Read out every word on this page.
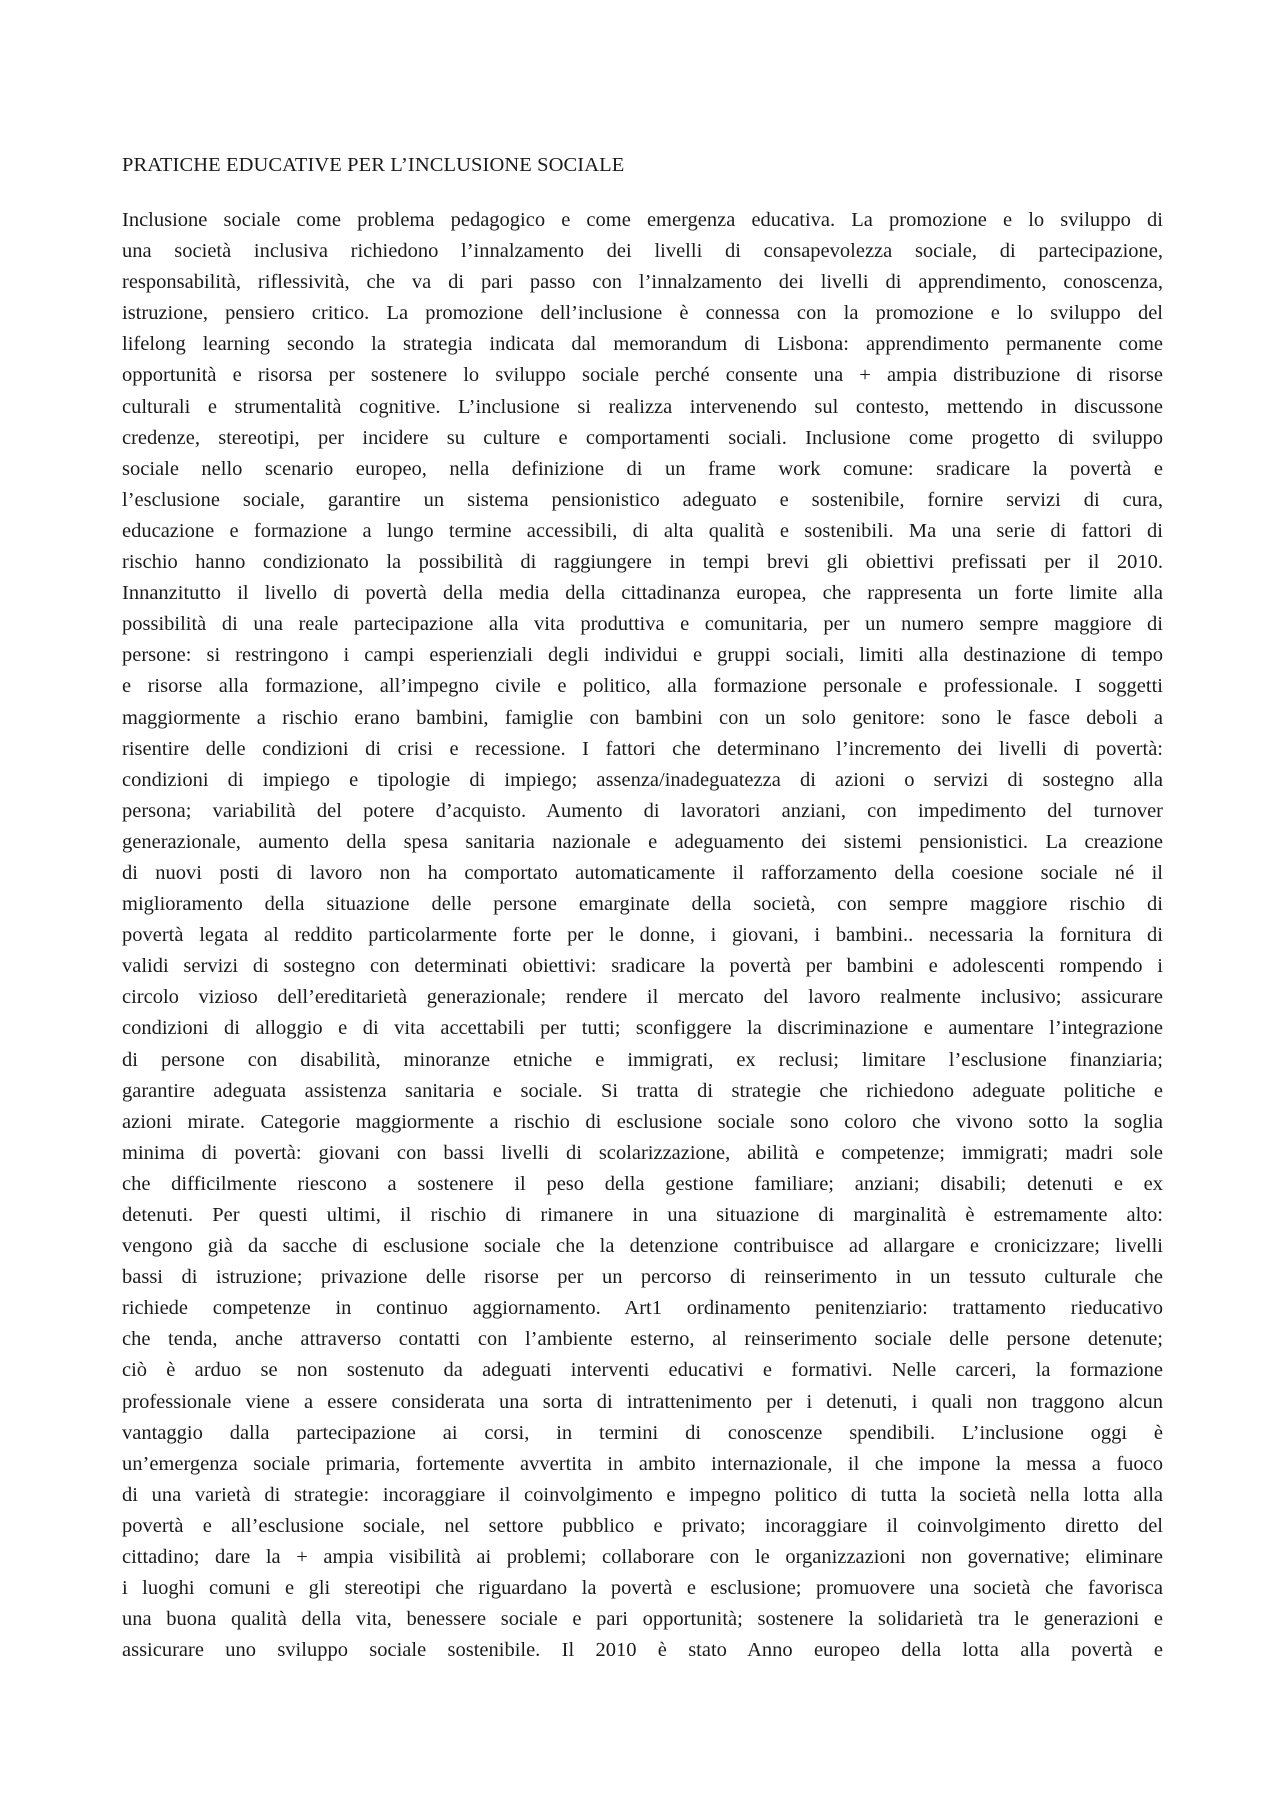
PRATICHE EDUCATIVE PER L’INCLUSIONE SOCIALE
Inclusione sociale come problema pedagogico e come emergenza educativa. La promozione e lo sviluppo di
una società inclusiva richiedono l’innalzamento dei livelli di consapevolezza sociale, di partecipazione,
responsabilità, riflessività, che va di pari passo con l’innalzamento dei livelli di apprendimento, conoscenza,
istruzione, pensiero critico. La promozione dell’inclusione è connessa con la promozione e lo sviluppo del
lifelong learning secondo la strategia indicata dal memorandum di Lisbona: apprendimento permanente come
opportunità e risorsa per sostenere lo sviluppo sociale perché consente una + ampia distribuzione di risorse
culturali e strumentalità cognitive. L’inclusione si realizza intervenendo sul contesto, mettendo in discussone
credenze, stereotipi, per incidere su culture e comportamenti sociali. Inclusione come progetto di sviluppo
sociale nello scenario europeo, nella definizione di un frame work comune: sradicare la povertà e
l’esclusione sociale, garantire un sistema pensionistico adeguato e sostenibile, fornire servizi di cura,
educazione e formazione a lungo termine accessibili, di alta qualità e sostenibili. Ma una serie di fattori di
rischio hanno condizionato la possibilità di raggiungere in tempi brevi gli obiettivi prefissati per il 2010.
Innanzitutto il livello di povertà della media della cittadinanza europea, che rappresenta un forte limite alla
possibilità di una reale partecipazione alla vita produttiva e comunitaria, per un numero sempre maggiore di
persone: si restringono i campi esperienziali degli individui e gruppi sociali, limiti alla destinazione di tempo
e risorse alla formazione, all’impegno civile e politico, alla formazione personale e professionale. I soggetti
maggiormente a rischio erano bambini, famiglie con bambini con un solo genitore: sono le fasce deboli a
risentire delle condizioni di crisi e recessione. I fattori che determinano l’incremento dei livelli di povertà:
condizioni di impiego e tipologie di impiego; assenza/inadeguatezza di azioni o servizi di sostegno alla
persona; variabilità del potere d’acquisto. Aumento di lavoratori anziani, con impedimento del turnover
generazionale, aumento della spesa sanitaria nazionale e adeguamento dei sistemi pensionistici. La creazione
di nuovi posti di lavoro non ha comportato automaticamente il rafforzamento della coesione sociale né il
miglioramento della situazione delle persone emarginate della società, con sempre maggiore rischio di
povertà legata al reddito particolarmente forte per le donne, i giovani, i bambini.. necessaria la fornitura di
validi servizi di sostegno con determinati obiettivi: sradicare la povertà per bambini e adolescenti rompendo i
circolo vizioso dell’ereditarietà generazionale; rendere il mercato del lavoro realmente inclusivo; assicurare
condizioni di alloggio e di vita accettabili per tutti; sconfiggere la discriminazione e aumentare l’integrazione
di persone con disabilità, minoranze etniche e immigrati, ex reclusi; limitare l’esclusione finanziaria;
garantire adeguata assistenza sanitaria e sociale. Si tratta di strategie che richiedono adeguate politiche e
azioni mirate. Categorie maggiormente a rischio di esclusione sociale sono coloro che vivono sotto la soglia
minima di povertà: giovani con bassi livelli di scolarizzazione, abilità e competenze; immigrati; madri sole
che difficilmente riescono a sostenere il peso della gestione familiare; anziani; disabili; detenuti e ex
detenuti. Per questi ultimi, il rischio di rimanere in una situazione di marginalità è estremamente alto:
vengono già da sacche di esclusione sociale che la detenzione contribuisce ad allargare e cronicizzare; livelli
bassi di istruzione; privazione delle risorse per un percorso di reinserimento in un tessuto culturale che
richiede competenze in continuo aggiornamento. Art1 ordinamento penitenziario: trattamento rieducativo
che tenda, anche attraverso contatti con l’ambiente esterno, al reinserimento sociale delle persone detenute;
ciò è arduo se non sostenuto da adeguati interventi educativi e formativi. Nelle carceri, la formazione
professionale viene a essere considerata una sorta di intrattenimento per i detenuti, i quali non traggono alcun
vantaggio dalla partecipazione ai corsi, in termini di conoscenze spendibili. L’inclusione oggi è
un’emergenza sociale primaria, fortemente avvertita in ambito internazionale, il che impone la messa a fuoco
di una varietà di strategie: incoraggiare il coinvolgimento e impegno politico di tutta la società nella lotta alla
povertà e all’esclusione sociale, nel settore pubblico e privato; incoraggiare il coinvolgimento diretto del
cittadino; dare la + ampia visibilità ai problemi; collaborare con le organizzazioni non governative; eliminare
i luoghi comuni e gli stereotipi che riguardano la povertà e esclusione; promuovere una società che favorisca
una buona qualità della vita, benessere sociale e pari opportunità; sostenere la solidarietà tra le generazioni e
assicurare uno sviluppo sociale sostenibile. Il 2010 è stato Anno europeo della lotta alla povertà e
